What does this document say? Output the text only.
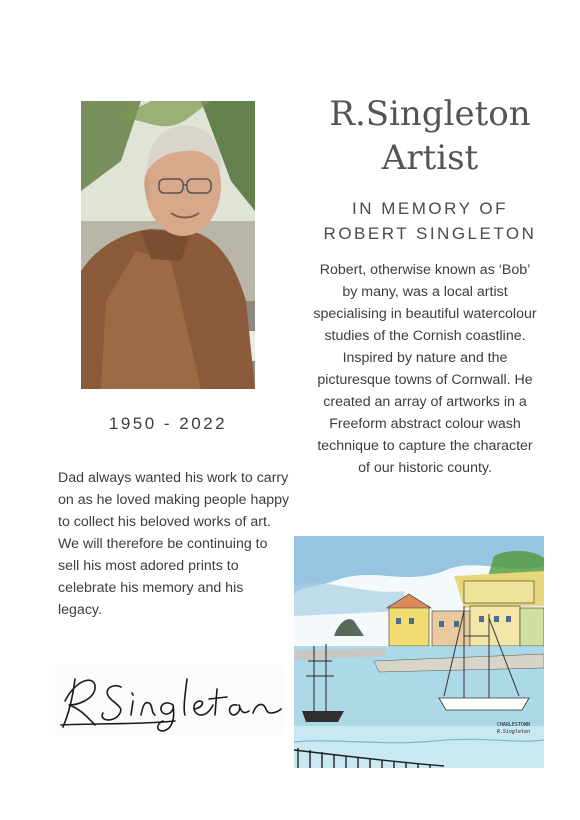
R.Singleton
Artist
IN MEMORY OF
ROBERT SINGLETON
Robert, otherwise known as ‘Bob’ by many, was a local artist specialising in beautiful watercolour studies of the Cornish coastline. Inspired by nature and the picturesque towns of Cornwall. He created an array of artworks in a Freeform abstract colour wash technique to capture the character of our historic county.
1950 - 2022
Dad always wanted his work to carry on as he loved making people happy to collect his beloved works of art. We will therefore be continuing to sell his most adored prints to celebrate his memory and his legacy.
CHARLESTOWN
R.Singleton
